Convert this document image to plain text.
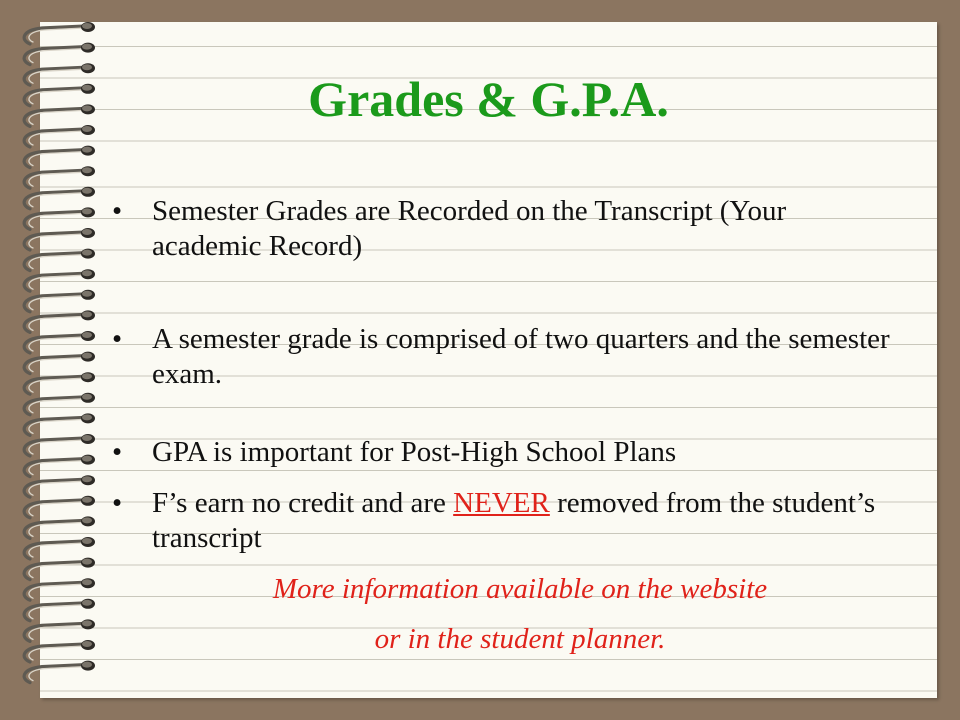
Grades & G.P.A.
•	Semester Grades are Recorded on the Transcript (Your academic Record)
•	A semester grade is comprised of two quarters and the semester exam.
•	GPA is important for Post-High School Plans
•	F’s earn no credit and are NEVER removed from the student’s transcript

More information available on the website

or in the student planner.
